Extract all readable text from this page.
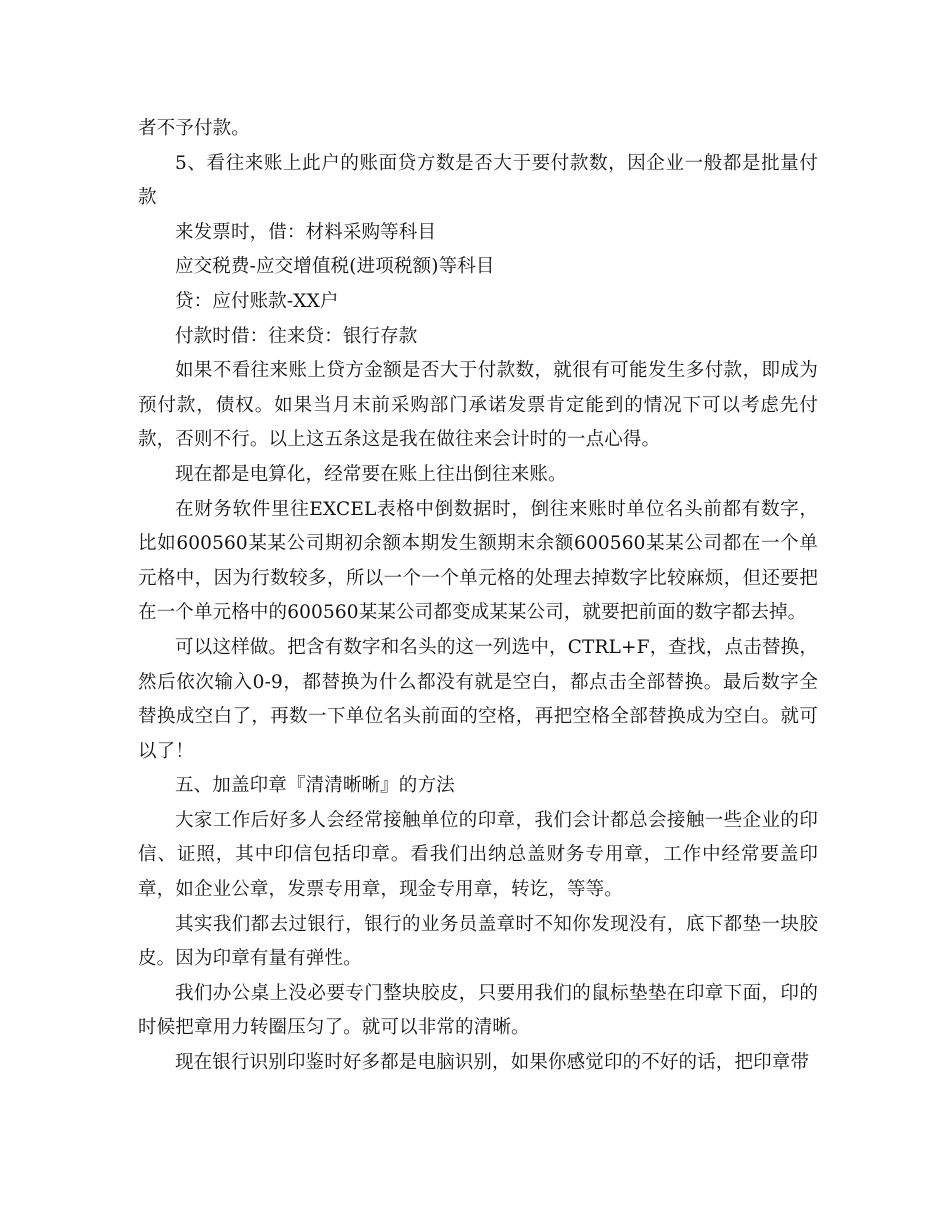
者不予付款。

5、看往来账上此户的账面贷方数是否大于要付款数，因企业一般都是批量付款

来发票时，借：材料采购等科目

应交税费-应交增值税(进项税额)等科目

贷：应付账款-XX户

付款时借：往来贷：银行存款

如果不看往来账上贷方金额是否大于付款数，就很有可能发生多付款，即成为预付款，债权。如果当月末前采购部门承诺发票肯定能到的情况下可以考虑先付款，否则不行。以上这五条这是我在做往来会计时的一点心得。

现在都是电算化，经常要在账上往出倒往来账。

在财务软件里往EXCEL表格中倒数据时，倒往来账时单位名头前都有数字，比如600560某某公司期初余额本期发生额期末余额600560某某公司都在一个单元格中，因为行数较多，所以一个一个单元格的处理去掉数字比较麻烦，但还要把在一个单元格中的600560某某公司都变成某某公司，就要把前面的数字都去掉。

可以这样做。把含有数字和名头的这一列选中，CTRL+F，查找，点击替换，然后依次输入0-9，都替换为什么都没有就是空白，都点击全部替换。最后数字全替换成空白了，再数一下单位名头前面的空格，再把空格全部替换成为空白。就可以了！

五、加盖印章『清清晰晰』的方法

大家工作后好多人会经常接触单位的印章，我们会计都总会接触一些企业的印信、证照，其中印信包括印章。看我们出纳总盖财务专用章，工作中经常要盖印章，如企业公章，发票专用章，现金专用章，转讫，等等。

其实我们都去过银行，银行的业务员盖章时不知你发现没有，底下都垫一块胶皮。因为印章有量有弹性。

我们办公桌上没必要专门整块胶皮，只要用我们的鼠标垫垫在印章下面，印的时候把章用力转圈压匀了。就可以非常的清晰。

现在银行识别印鉴时好多都是电脑识别，如果你感觉印的不好的话，把印章带
